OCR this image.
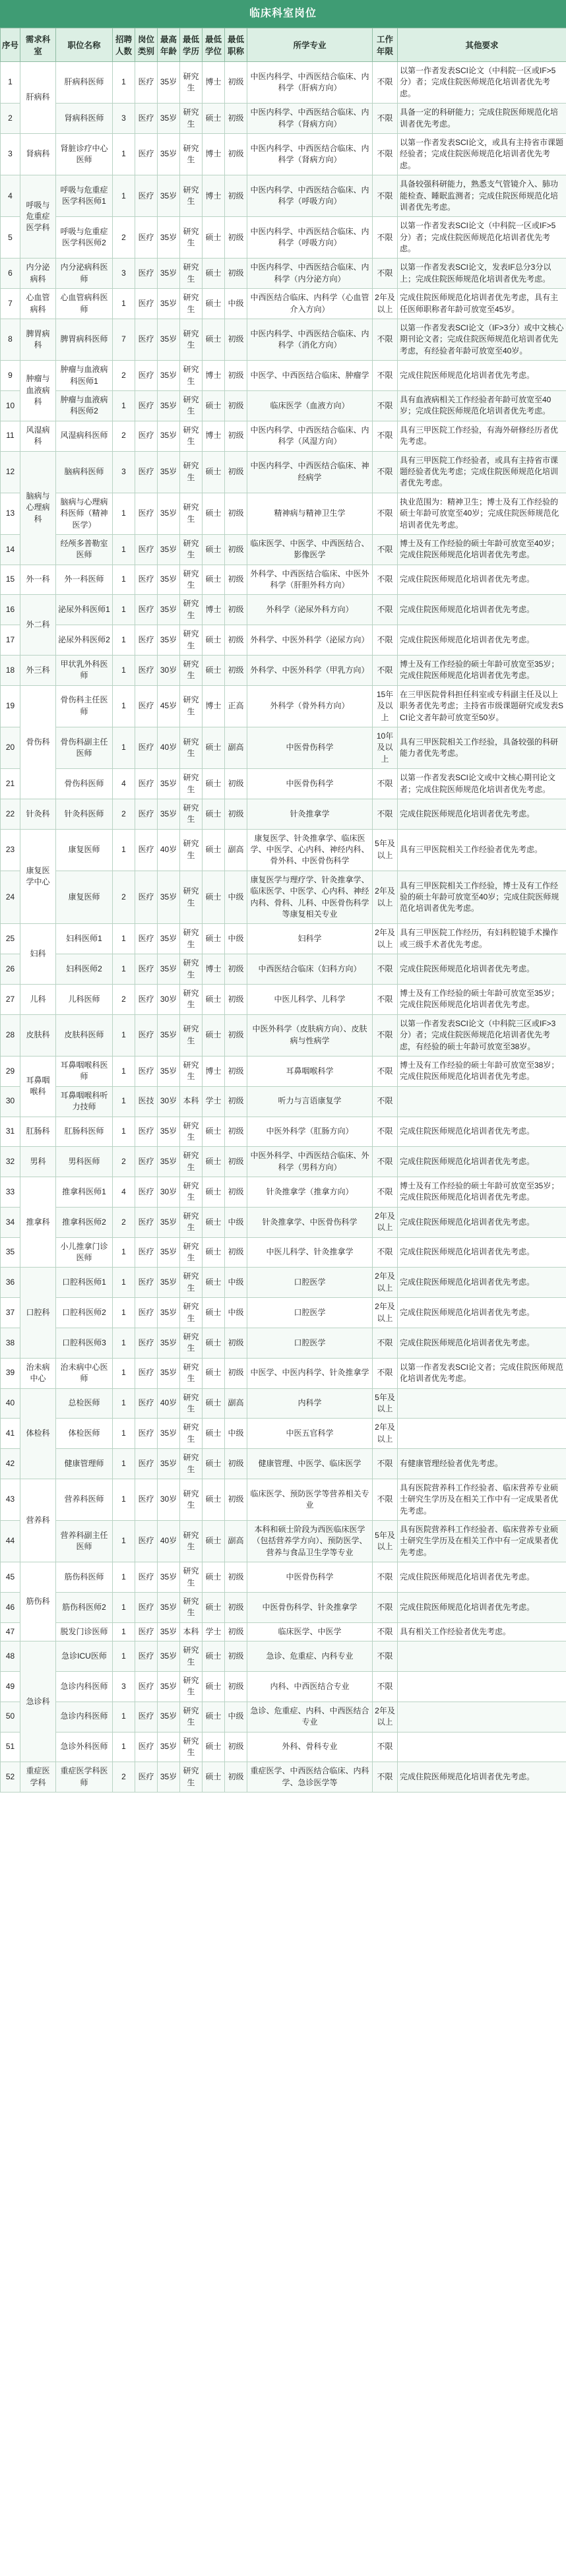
临床科室岗位
序号	需求科室	职位名称	招聘人数	岗位类别	最高年龄	最低学历	最低学位	最低职称	所学专业	工作年限	其他要求
1	肝病科	肝病科医师	1	医疗	35岁	研究生	博士	初级	中医内科学、中西医结合临床、内科学（肝病方向）	不限	以第一作者发表SCI论文（中科院一区或IF>5分）者；完成住院医师规范化培训者优先考虑。
2		肾病科医师	3	医疗	35岁	研究生	硕士	初级	中医内科学、中西医结合临床、内科学（肾病方向）	不限	具备一定的科研能力；完成住院医师规范化培训者优先考虑。
3	肾病科	肾脏诊疗中心医师	1	医疗	35岁	研究生	博士	初级	中医内科学、中西医结合临床、内科学（肾病方向）	不限	以第一作者发表SCI论文，或具有主持省市课题经验者；完成住院医师规范化培训者优先考虑。
4	呼吸与危重症医学科	呼吸与危重症医学科医师1	1	医疗	35岁	研究生	博士	初级	中医内科学、中西医结合临床、内科学（呼吸方向）	不限	具备较强科研能力，熟悉支气管镜介入、肺功能检查、睡眠监测者；完成住院医师规范化培训者优先考虑。
5		呼吸与危重症医学科医师2	2	医疗	35岁	研究生	硕士	初级	中医内科学、中西医结合临床、内科学（呼吸方向）	不限	以第一作者发表SCI论文（中科院一区或IF>5分）者；完成住院医师规范化培训者优先考虑。
6	内分泌病科	内分泌病科医师	3	医疗	35岁	研究生	硕士	初级	中医内科学、中西医结合临床、内科学（内分泌方向）	不限	以第一作者发表SCI论文，发表IF总分3分以上；完成住院医师规范化培训者优先考虑。
7	心血管病科	心血管病科医师	1	医疗	35岁	研究生	硕士	中级	中西医结合临床、内科学（心血管介入方向）	2年及以上	完成住院医师规范化培训者优先考虑，具有主任医师职称者年龄可放宽至45岁。
8	脾胃病科	脾胃病科医师	7	医疗	35岁	研究生	硕士	初级	中医内科学、中西医结合临床、内科学（消化方向）	不限	以第一作者发表SCI论文（IF>3分）或中文核心期刊论文者；完成住院医师规范化培训者优先考虑，有经验者年龄可放宽至40岁。
9	肿瘤与血液病科	肿瘤与血液病科医师1	2	医疗	35岁	研究生	博士	初级	中医学、中西医结合临床、肿瘤学	不限	完成住院医师规范化培训者优先考虑。
10		肿瘤与血液病科医师2	1	医疗	35岁	研究生	硕士	初级	临床医学（血液方向）	不限	具有血液病相关工作经验者年龄可放宽至40岁；完成住院医师规范化培训者优先考虑。
11	风湿病科	风湿病科医师	2	医疗	35岁	研究生	博士	初级	中医内科学、中西医结合临床、内科学（风湿方向）	不限	具有三甲医院工作经验，有海外研修经历者优先考虑。
12	脑病与心理病科	脑病科医师	3	医疗	35岁	研究生	硕士	初级	中医内科学、中西医结合临床、神经病学	不限	具有三甲医院工作经验者，或具有主持省市课题经验者优先考虑；完成住院医师规范化培训者优先考虑。
13		脑病与心理病科医师（精神医学）	1	医疗	35岁	研究生	硕士	初级	精神病与精神卫生学	不限	执业范围为：精神卫生；博士及有工作经验的硕士年龄可放宽至40岁；完成住院医师规范化培训者优先考虑。
14		经颅多普勒室医师	1	医疗	35岁	研究生	硕士	初级	临床医学、中医学、中西医结合、影像医学	不限	博士及有工作经验的硕士年龄可放宽至40岁；完成住院医师规范化培训者优先考虑。
15	外一科	外一科医师	1	医疗	35岁	研究生	硕士	初级	外科学、中西医结合临床、中医外科学（肝胆外科方向）	不限	完成住院医师规范化培训者优先考虑。
16	外二科	泌尿外科医师1	1	医疗	35岁	研究生	博士	初级	外科学（泌尿外科方向）	不限	完成住院医师规范化培训者优先考虑。
17		泌尿外科医师2	1	医疗	35岁	研究生	硕士	初级	外科学、中医外科学（泌尿方向）	不限	完成住院医师规范化培训者优先考虑。
18	外三科	甲状乳外科医师	1	医疗	30岁	研究生	硕士	初级	外科学、中医外科学（甲乳方向）	不限	博士及有工作经验的硕士年龄可放宽至35岁；完成住院医师规范化培训者优先考虑。
19	骨伤科	骨伤科主任医师	1	医疗	45岁	研究生	博士	正高	外科学（骨外科方向）	15年及以上	在三甲医院骨科担任科室或专科副主任及以上职务者优先考虑；主持省市级课题研究或发表SCI论文者年龄可放宽至50岁。
20		骨伤科副主任医师	1	医疗	40岁	研究生	硕士	副高	中医骨伤科学	10年及以上	具有三甲医院相关工作经验，具备较强的科研能力者优先考虑。
21		骨伤科医师	4	医疗	35岁	研究生	硕士	初级	中医骨伤科学	不限	以第一作者发表SCI论文或中文核心期刊论文者；完成住院医师规范化培训者优先考虑。
22	针灸科	针灸科医师	2	医疗	35岁	研究生	硕士	初级	针灸推拿学	不限	完成住院医师规范化培训者优先考虑。
23	康复医学中心	康复医师	1	医疗	40岁	研究生	硕士	副高	康复医学、针灸推拿学、临床医学、中医学、心内科、神经内科、骨外科、中医骨伤科学	5年及以上	具有三甲医院相关工作经验者优先考虑。
24		康复医师	2	医疗	35岁	研究生	硕士	中级	康复医学与理疗学、针灸推拿学、临床医学、中医学、心内科、神经内科、骨科、儿科、中医骨伤科学等康复相关专业	2年及以上	具有三甲医院相关工作经验，博士及有工作经验的硕士年龄可放宽至40岁；完成住院医师规范化培训者优先考虑。
25	妇科	妇科医师1	1	医疗	35岁	研究生	硕士	中级	妇科学	2年及以上	具有三甲医院工作经历，有妇科腔镜手术操作或三级手术者优先考虑。
26		妇科医师2	1	医疗	35岁	研究生	博士	初级	中西医结合临床（妇科方向）	不限	完成住院医师规范化培训者优先考虑。
27	儿科	儿科医师	2	医疗	30岁	研究生	硕士	初级	中医儿科学、儿科学	不限	博士及有工作经验的硕士年龄可放宽至35岁；完成住院医师规范化培训者优先考虑。
28	皮肤科	皮肤科医师	1	医疗	35岁	研究生	硕士	初级	中医外科学（皮肤病方向）、皮肤病与性病学	不限	以第一作者发表SCI论文（中科院三区或IF>3分）者；完成住院医师规范化培训者优先考虑，有经验的硕士年龄可放宽至38岁。
29	耳鼻咽喉科	耳鼻咽喉科医师	1	医疗	35岁	研究生	博士	初级	耳鼻咽喉科学	不限	博士及有工作经验的硕士年龄可放宽至38岁；完成住院医师规范化培训者优先考虑。
30		耳鼻咽喉科听力技师	1	医技	30岁	本科	学士	初级	听力与言语康复学	不限	
31	肛肠科	肛肠科医师	1	医疗	35岁	研究生	硕士	初级	中医外科学（肛肠方向）	不限	完成住院医师规范化培训者优先考虑。
32	男科	男科医师	2	医疗	35岁	研究生	硕士	初级	中医外科学、中西医结合临床、外科学（男科方向）	不限	完成住院医师规范化培训者优先考虑。
33	推拿科	推拿科医师1	4	医疗	30岁	研究生	硕士	初级	针灸推拿学（推拿方向）	不限	博士及有工作经验的硕士年龄可放宽至35岁；完成住院医师规范化培训者优先考虑。
34		推拿科医师2	2	医疗	35岁	研究生	硕士	中级	针灸推拿学、中医骨伤科学	2年及以上	完成住院医师规范化培训者优先考虑。
35		小儿推拿门诊医师	1	医疗	35岁	研究生	硕士	初级	中医儿科学、针灸推拿学	不限	完成住院医师规范化培训者优先考虑。
36	口腔科	口腔科医师1	1	医疗	35岁	研究生	硕士	中级	口腔医学	2年及以上	完成住院医师规范化培训者优先考虑。
37		口腔科医师2	1	医疗	35岁	研究生	硕士	中级	口腔医学	2年及以上	完成住院医师规范化培训者优先考虑。
38		口腔科医师3	1	医疗	35岁	研究生	硕士	初级	口腔医学	不限	完成住院医师规范化培训者优先考虑。
39	治未病中心	治未病中心医师	1	医疗	35岁	研究生	硕士	初级	中医学、中医内科学、针灸推拿学	不限	以第一作者发表SCI论文者；完成住院医师规范化培训者优先考虑。
40	体检科	总检医师	1	医疗	40岁	研究生	硕士	副高	内科学	5年及以上	
41		体检医师	1	医疗	35岁	研究生	硕士	中级	中医五官科学	2年及以上	
42		健康管理师	1	医疗	35岁	研究生	硕士	初级	健康管理、中医学、临床医学	不限	有健康管理经验者优先考虑。
43	营养科	营养科医师	1	医疗	30岁	研究生	硕士	初级	临床医学、预防医学等营养相关专业	不限	具有医院营养科工作经验者、临床营养专业硕士研究生学历及在相关工作中有一定成果者优先考虑。
44		营养科副主任医师	1	医疗	40岁	研究生	硕士	副高	本科和硕士阶段为西医临床医学（包括营养学方向）、预防医学、营养与食品卫生学等专业	5年及以上	具有医院营养科工作经验者、临床营养专业硕士研究生学历及在相关工作中有一定成果者优先考虑。
45	筋伤科	筋伤科医师	1	医疗	35岁	研究生	硕士	初级	中医骨伤科学	不限	完成住院医师规范化培训者优先考虑。
46		筋伤科医师2	1	医疗	35岁	研究生	硕士	初级	中医骨伤科学、针灸推拿学	不限	完成住院医师规范化培训者优先考虑。
47		脱发门诊医师	1	医疗	35岁	本科	学士	初级	临床医学、中医学	不限	具有相关工作经验者优先考虑。
48	急诊科	急诊ICU医师	1	医疗	35岁	研究生	硕士	初级	急诊、危重症、内科专业	不限	
49		急诊内科医师	3	医疗	35岁	研究生	硕士	初级	内科、中西医结合专业	不限	
50		急诊内科医师	1	医疗	35岁	研究生	硕士	中级	急诊、危重症、内科、中西医结合专业	2年及以上	
51		急诊外科医师	1	医疗	35岁	研究生	硕士	初级	外科、骨科专业	不限	
52	重症医学科	重症医学科医师	2	医疗	35岁	研究生	硕士	初级	重症医学、中西医结合临床、内科学、急诊医学等	不限	完成住院医师规范化培训者优先考虑。
